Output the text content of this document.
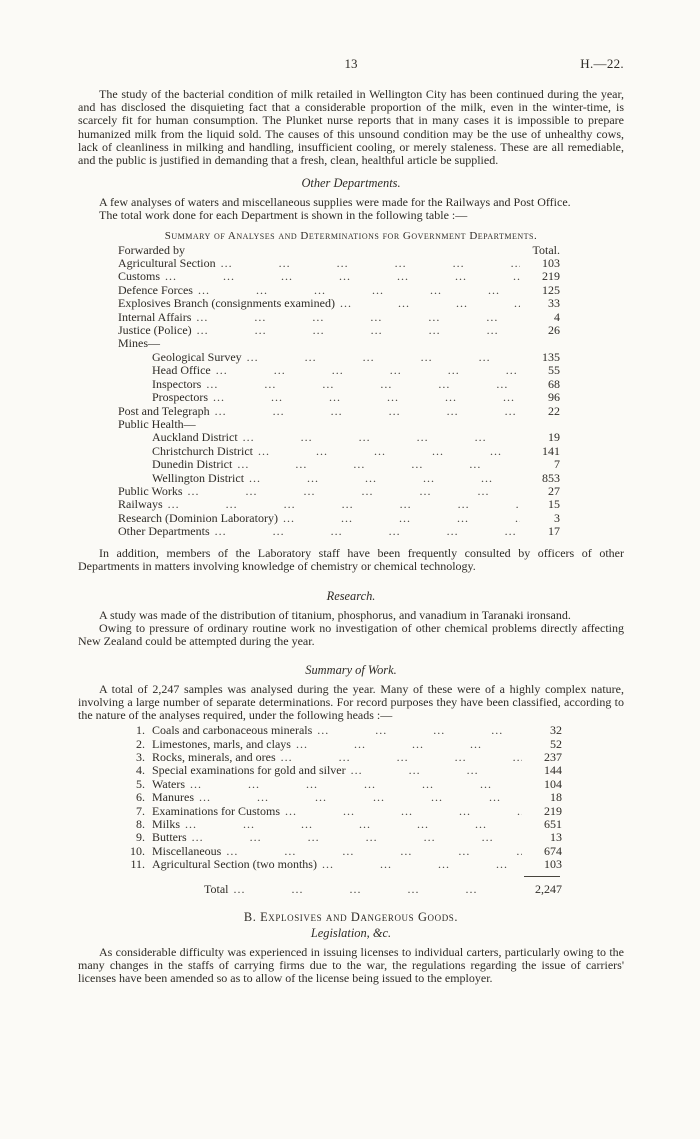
13	H.—22.

The study of the bacterial condition of milk retailed in Wellington City has been continued during the year, and has disclosed the disquieting fact that a considerable proportion of the milk, even in the winter-time, is scarcely fit for human consumption. The Plunket nurse reports that in many cases it is impossible to prepare humanized milk from the liquid sold. The causes of this unsound condition may be the use of unhealthy cows, lack of cleanliness in milking and handling, insufficient cooling, or merely staleness. These are all remediable, and the public is justified in demanding that a fresh, clean, healthful article be supplied.

Other Departments.

A few analyses of waters and miscellaneous supplies were made for the Railways and Post Office.

The total work done for each Department is shown in the following table :—

Summary of Analyses and Determinations for Government Departments.
Forwarded by	Total.
Agricultural Section ... .	103
Customs ... .	219
Defence Forces ... .	125
Explosives Branch (consignments examined) ... .	33
Internal Affairs ... .	4
Justice (Police) ... .	26
Mines—
Geological Survey ... .	135
Head Office ... .	55
Inspectors ... .	68
Prospectors ... .	96
Post and Telegraph ... .	22
Public Health—
Auckland District ... .	19
Christchurch District ... .	141
Dunedin District ... .	7
Wellington District ... .	853
Public Works ... .	27
Railways ... .	15
Research (Dominion Laboratory) ... .	3
Other Departments ... .	17

In addition, members of the Laboratory staff have been frequently consulted by officers of other Departments in matters involving knowledge of chemistry or chemical technology.

Research.

A study was made of the distribution of titanium, phosphorus, and vanadium in Taranaki ironsand.

Owing to pressure of ordinary routine work no investigation of other chemical problems directly affecting New Zealand could be attempted during the year.

Summary of Work.

A total of 2,247 samples was analysed during the year. Many of these were of a highly complex nature, involving a large number of separate determinations. For record purposes they have been classified, according to the nature of the analyses required, under the following heads :—

1. Coals and carbonaceous minerals ... .	32
2. Limestones, marls, and clays ... .	52
3. Rocks, minerals, and ores ... .	237
4. Special examinations for gold and silver ... .	144
5. Waters ... .	104
6. Manures ... .	18
7. Examinations for Customs ... .	219
8. Milks ... .	651
9. Butters ... .	13
10. Miscellaneous ... .	674
11. Agricultural Section (two months) ... .	103
Total ... .	2,247
B. Explosives and Dangerous Goods.
Legislation, &c.

As considerable difficulty was experienced in issuing licenses to individual carters, particularly owing to the many changes in the staffs of carrying firms due to the war, the regulations regarding the issue of carriers' licenses have been amended so as to allow of the license being issued to the employer.
